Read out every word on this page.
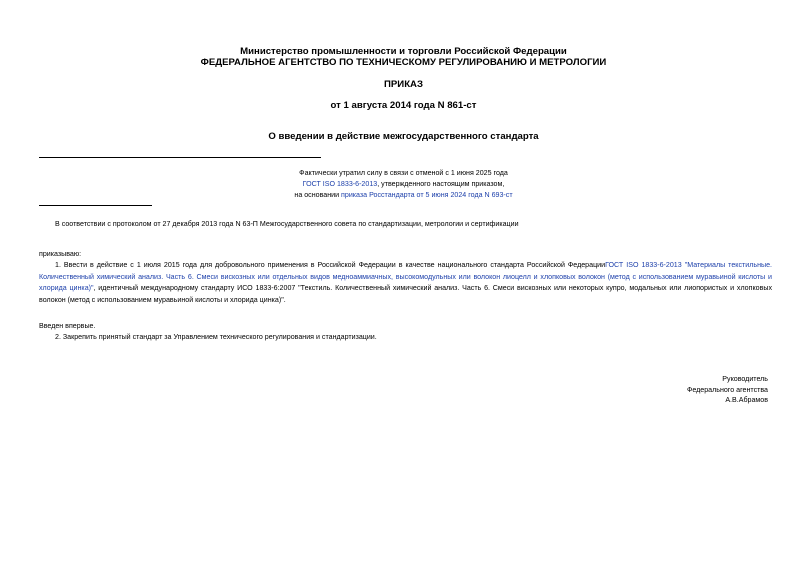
Министерство промышленности и торговли Российской Федерации
ФЕДЕРАЛЬНОЕ АГЕНТСТВО ПО ТЕХНИЧЕСКОМУ РЕГУЛИРОВАНИЮ И МЕТРОЛОГИИ
ПРИКАЗ
от 1 августа 2014 года N 861-ст
О введении в действие межгосударственного стандарта
Фактически утратил силу в связи с отменой с 1 июня 2025 года
ГОСТ ISO 1833-6-2013, утвержденного настоящим приказом,
на основании приказа Росстандарта от 5 июня 2024 года N 693-ст
В соответствии с протоколом от 27 декабря 2013 года N 63-П Межгосударственного совета по стандартизации, метрологии и сертификации
приказываю:
1. Ввести в действие с 1 июля 2015 года для добровольного применения в Российской Федерации в качестве национального стандарта Российской ФедерацииГОСТ ISO 1833-6-2013 "Материалы текстильные. Количественный химический анализ. Часть 6. Смеси вискозных или отдельных видов медноаммиачных, высокомодульных или волокон лиоцелл и хлопковых волокон (метод с использованием муравьиной кислоты и хлорида цинка)", идентичный международному стандарту ИСО 1833-6:2007 "Текстиль. Количественный химический анализ. Часть 6. Смеси вискозных или некоторых купро, модальных или лиопористых и хлопковых волокон (метод с использованием муравьиной кислоты и хлорида цинка)".
Введен впервые.
2. Закрепить принятый стандарт за Управлением технического регулирования и стандартизации.
Руководитель
Федерального агентства
А.В.Абрамов
